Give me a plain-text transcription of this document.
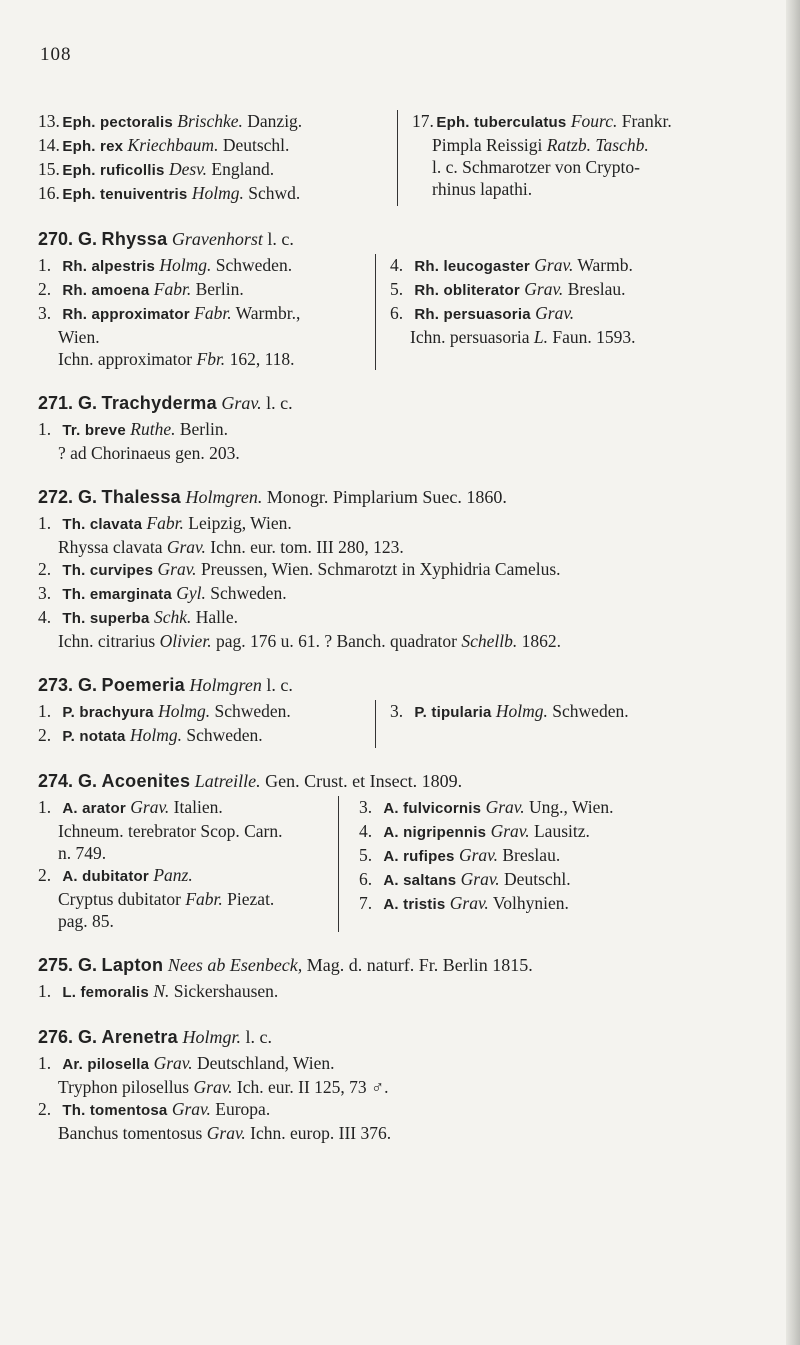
108
13. Eph. pectoralis Brischke. Danzig.
14. Eph. rex Kriechbaum. Deutschl.
15. Eph. ruficollis Desv. England.
16. Eph. tenuiventris Holmg. Schwd.
17. Eph. tuberculatus Fourc. Frankr.
Pimpla Reissigi Ratzb. Taschb.
l. c. Schmarotzer von Crypto-
rhinus lapathi.
270. G. Rhyssa Gravenhorst l. c.
1. Rh. alpestris Holmg. Schweden.
2. Rh. amoena Fabr. Berlin.
3. Rh. approximator Fabr. Warmbr.,
Wien.
Ichn. approximator Fbr. 162, 118.
4. Rh. leucogaster Grav. Warmb.
5. Rh. obliterator Grav. Breslau.
6. Rh. persuasoria Grav.
Ichn. persuasoria L. Faun. 1593.
271. G. Trachyderma Grav. l. c.
1. Tr. breve Ruthe. Berlin.
? ad Chorinaeus gen. 203.
272. G. Thalessa Holmgren. Monogr. Pimplarium Suec. 1860.
1. Th. clavata Fabr. Leipzig, Wien.
Rhyssa clavata Grav. Ichn. eur. tom. III 280, 123.
2. Th. curvipes Grav. Preussen, Wien. Schmarotzt in Xyphidria Camelus.
3. Th. emarginata Gyl. Schweden.
4. Th. superba Schk. Halle.
Ichn. citrarius Olivier. pag. 176 u. 61. ? Banch. quadrator Schellb. 1862.
273. G. Poemeria Holmgren l. c.
1. P. brachyura Holmg. Schweden.
2. P. notata Holmg. Schweden.
3. P. tipularia Holmg. Schweden.
274. G. Acoenites Latreille. Gen. Crust. et Insect. 1809.
1. A. arator Grav. Italien.
Ichneum. terebrator Scop. Carn.
n. 749.
2. A. dubitator Panz.
Cryptus dubitator Fabr. Piezat.
pag. 85.
3. A. fulvicornis Grav. Ung., Wien.
4. A. nigripennis Grav. Lausitz.
5. A. rufipes Grav. Breslau.
6. A. saltans Grav. Deutschl.
7. A. tristis Grav. Volhynien.
275. G. Lapton Nees ab Esenbeck, Mag. d. naturf. Fr. Berlin 1815.
1. L. femoralis N. Sickershausen.
276. G. Arenetra Holmgr. l. c.
1. Ar. pilosella Grav. Deutschland, Wien.
Tryphon pilosellus Grav. Ich. eur. II 125, 73 ♂.
2. Th. tomentosa Grav. Europa.
Banchus tomentosus Grav. Ichn. europ. III 376.
